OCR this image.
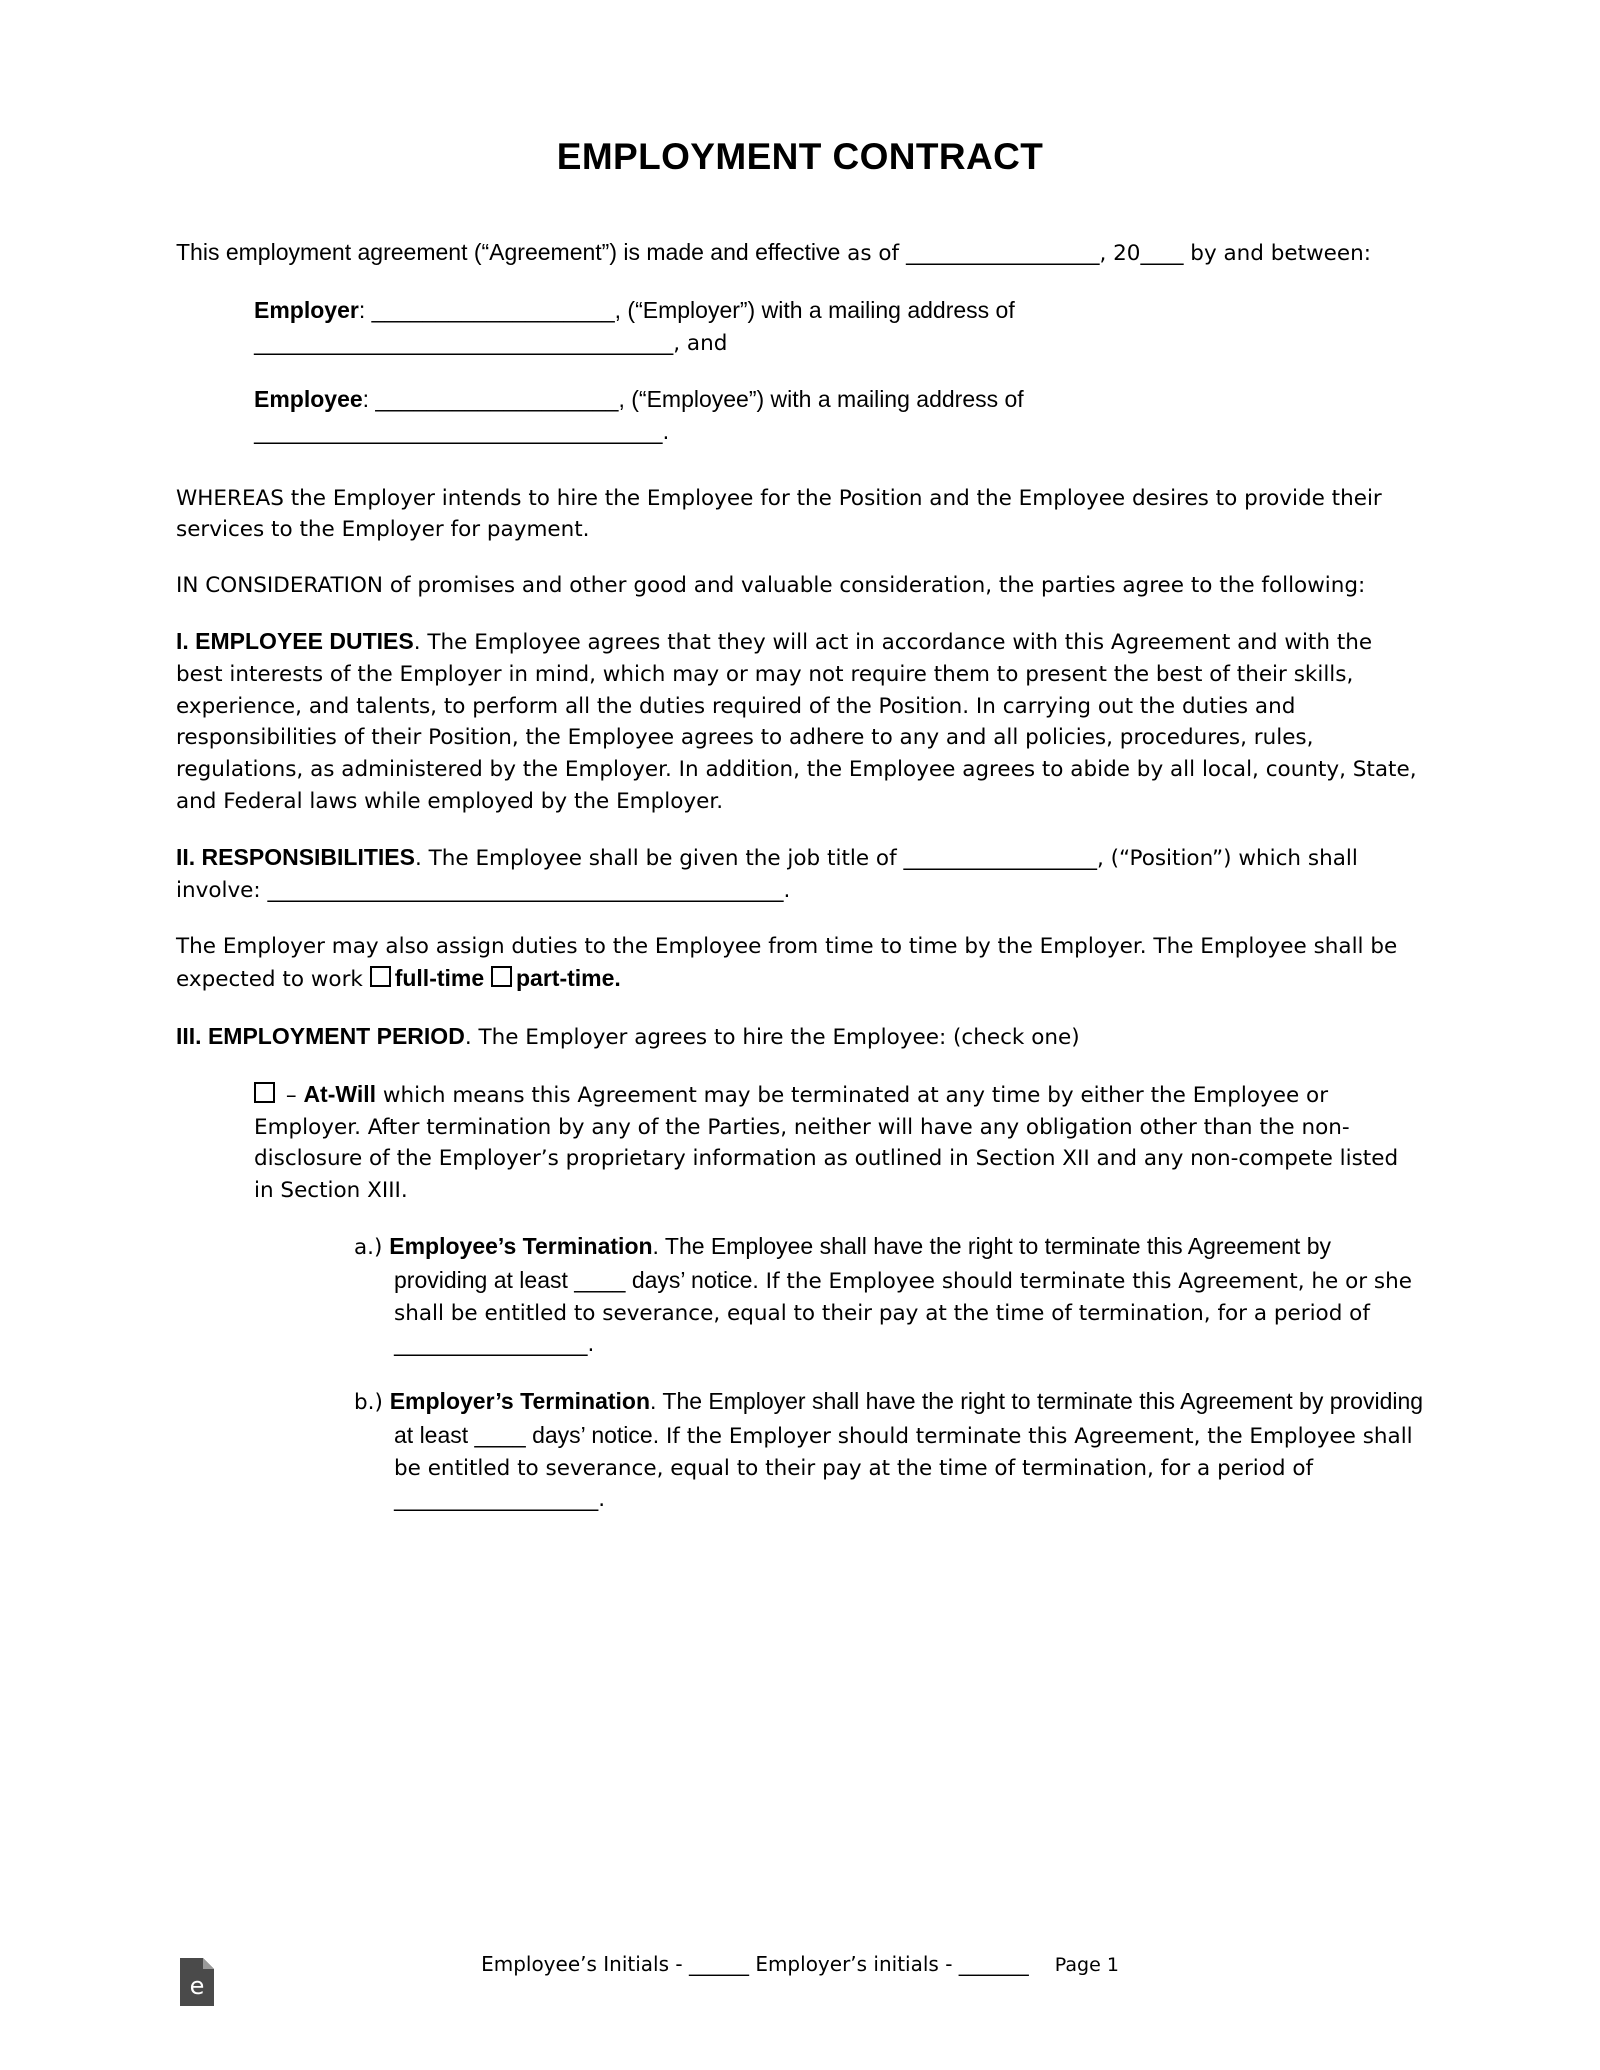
EMPLOYMENT CONTRACT

This employment agreement (“Agreement”) is made and effective as of __________________, 20____ by and between:

Employer: ___________________, (“Employer”) with a mailing address of
_______________________________________, and

Employee: ___________________, (“Employee”) with a mailing address of
______________________________________.

WHEREAS the Employer intends to hire the Employee for the Position and the Employee desires to provide their services to the Employer for payment.

IN CONSIDERATION of promises and other good and valuable consideration, the parties agree to the following:

I. EMPLOYEE DUTIES. The Employee agrees that they will act in accordance with this Agreement and with the best interests of the Employer in mind, which may or may not require them to present the best of their skills, experience, and talents, to perform all the duties required of the Position. In carrying out the duties and responsibilities of their Position, the Employee agrees to adhere to any and all policies, procedures, rules, regulations, as administered by the Employer. In addition, the Employee agrees to abide by all local, county, State, and Federal laws while employed by the Employer.

II. RESPONSIBILITIES. The Employee shall be given the job title of __________________, (“Position”) which shall involve: ________________________________________________.

The Employer may also assign duties to the Employee from time to time by the Employer. The Employee shall be expected to work full-time part-time.

III. EMPLOYMENT PERIOD. The Employer agrees to hire the Employee: (check one)

– At-Will which means this Agreement may be terminated at any time by either the Employee or Employer. After termination by any of the Parties, neither will have any obligation other than the non-disclosure of the Employer’s proprietary information as outlined in Section XII and any non-compete listed in Section XIII.

a.) Employee’s Termination. The Employee shall have the right to terminate this Agreement by providing at least ____ days’ notice. If the Employee should terminate this Agreement, he or she shall be entitled to severance, equal to their pay at the time of termination, for a period of __________________.

b.) Employer’s Termination. The Employer shall have the right to terminate this Agreement by providing at least ____ days’ notice. If the Employer should terminate this Agreement, the Employee shall be entitled to severance, equal to their pay at the time of termination, for a period of ___________________.

e
Employee’s Initials - ______ Employer’s initials - _______ Page 1
